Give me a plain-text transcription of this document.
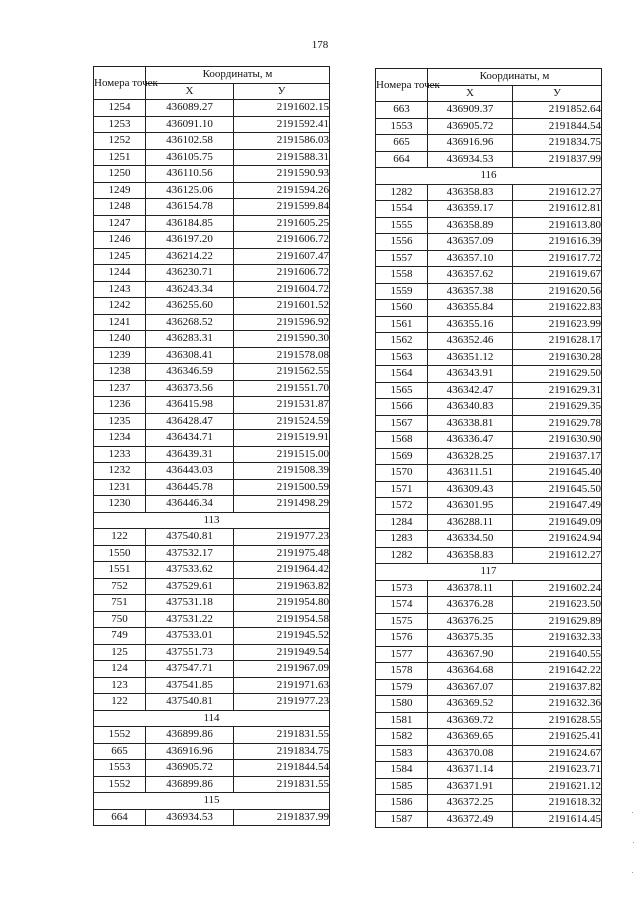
178
Номера точек	Координаты, м	
	Х	У
1254	436089.27	2191602.15
1253	436091.10	2191592.41
1252	436102.58	2191586.03
1251	436105.75	2191588.31
1250	436110.56	2191590.93
1249	436125.06	2191594.26
1248	436154.78	2191599.84
1247	436184.85	2191605.25
1246	436197.20	2191606.72
1245	436214.22	2191607.47
1244	436230.71	2191606.72
1243	436243.34	2191604.72
1242	436255.60	2191601.52
1241	436268.52	2191596.92
1240	436283.31	2191590.30
1239	436308.41	2191578.08
1238	436346.59	2191562.55
1237	436373.56	2191551.70
1236	436415.98	2191531.87
1235	436428.47	2191524.59
1234	436434.71	2191519.91
1233	436439.31	2191515.00
1232	436443.03	2191508.39
1231	436445.78	2191500.59
1230	436446.34	2191498.29
113		
122	437540.81	2191977.23
1550	437532.17	2191975.48
1551	437533.62	2191964.42
752	437529.61	2191963.82
751	437531.18	2191954.80
750	437531.22	2191954.58
749	437533.01	2191945.52
125	437551.73	2191949.54
124	437547.71	2191967.09
123	437541.85	2191971.63
122	437540.81	2191977.23
114		
1552	436899.86	2191831.55
665	436916.96	2191834.75
1553	436905.72	2191844.54
1552	436899.86	2191831.55
115		
664	436934.53	2191837.99
Номера точек	Координаты, м	
	Х	У
663	436909.37	2191852.64
1553	436905.72	2191844.54
665	436916.96	2191834.75
664	436934.53	2191837.99
116		
1282	436358.83	2191612.27
1554	436359.17	2191612.81
1555	436358.89	2191613.80
1556	436357.09	2191616.39
1557	436357.10	2191617.72
1558	436357.62	2191619.67
1559	436357.38	2191620.56
1560	436355.84	2191622.83
1561	436355.16	2191623.99
1562	436352.46	2191628.17
1563	436351.12	2191630.28
1564	436343.91	2191629.50
1565	436342.47	2191629.31
1566	436340.83	2191629.35
1567	436338.81	2191629.78
1568	436336.47	2191630.90
1569	436328.25	2191637.17
1570	436311.51	2191645.40
1571	436309.43	2191645.50
1572	436301.95	2191647.49
1284	436288.11	2191649.09
1283	436334.50	2191624.94
1282	436358.83	2191612.27
117		
1573	436378.11	2191602.24
1574	436376.28	2191623.50
1575	436376.25	2191629.89
1576	436375.35	2191632.33
1577	436367.90	2191640.55
1578	436364.68	2191642.22
1579	436367.07	2191637.82
1580	436369.52	2191632.36
1581	436369.72	2191628.55
1582	436369.65	2191625.41
1583	436370.08	2191624.67
1584	436371.14	2191623.71
1585	436371.91	2191621.12
1586	436372.25	2191618.32
1587	436372.49	2191614.45
